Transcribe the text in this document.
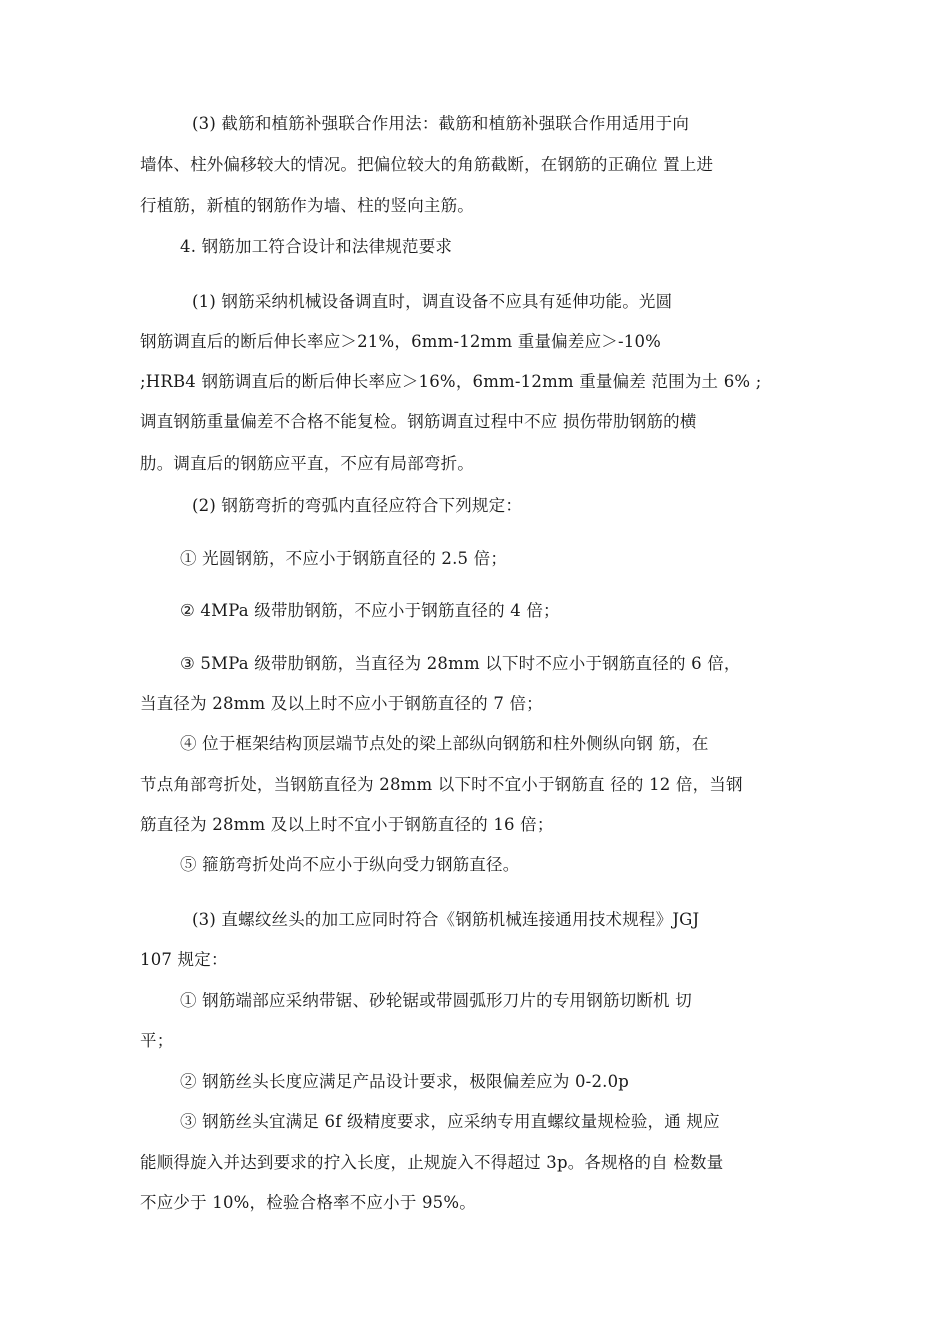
(3) 截筋和植筋补强联合作用法：截筋和植筋补强联合作用适用于向
墙体、柱外偏移较大的情况。把偏位较大的角筋截断，在钢筋的正确位 置上进
行植筋，新植的钢筋作为墙、柱的竖向主筋。
4. 钢筋加工符合设计和法律规范要求
(1) 钢筋采纳机械设备调直时，调直设备不应具有延伸功能。光圆
钢筋调直后的断后伸长率应＞21%，6mm-12mm 重量偏差应＞-10%
;HRB4 钢筋调直后的断后伸长率应＞16%，6mm-12mm 重量偏差 范围为土 6% ;
调直钢筋重量偏差不合格不能复检。钢筋调直过程中不应 损伤带肋钢筋的横
肋。调直后的钢筋应平直，不应有局部弯折。
(2) 钢筋弯折的弯弧内直径应符合下列规定：
① 光圆钢筋，不应小于钢筋直径的 2.5 倍；
② 4MPa 级带肋钢筋，不应小于钢筋直径的 4 倍；
③ 5MPa 级带肋钢筋，当直径为 28mm 以下时不应小于钢筋直径的 6 倍，
当直径为 28mm 及以上时不应小于钢筋直径的 7 倍；
④ 位于框架结构顶层端节点处的梁上部纵向钢筋和柱外侧纵向钢 筋，在
节点角部弯折处，当钢筋直径为 28mm 以下时不宜小于钢筋直 径的 12 倍，当钢
筋直径为 28mm 及以上时不宜小于钢筋直径的 16 倍；
⑤ 箍筋弯折处尚不应小于纵向受力钢筋直径。
(3) 直螺纹丝头的加工应同时符合《钢筋机械连接通用技术规程》JGJ
107 规定：
① 钢筋端部应采纳带锯、砂轮锯或带圆弧形刀片的专用钢筋切断机 切
平；
② 钢筋丝头长度应满足产品设计要求，极限偏差应为 0-2.0p
③ 钢筋丝头宜满足 6f 级精度要求，应采纳专用直螺纹量规检验，通 规应
能顺得旋入并达到要求的拧入长度，止规旋入不得超过 3p。各规格的自 检数量
不应少于 10%，检验合格率不应小于 95%。
